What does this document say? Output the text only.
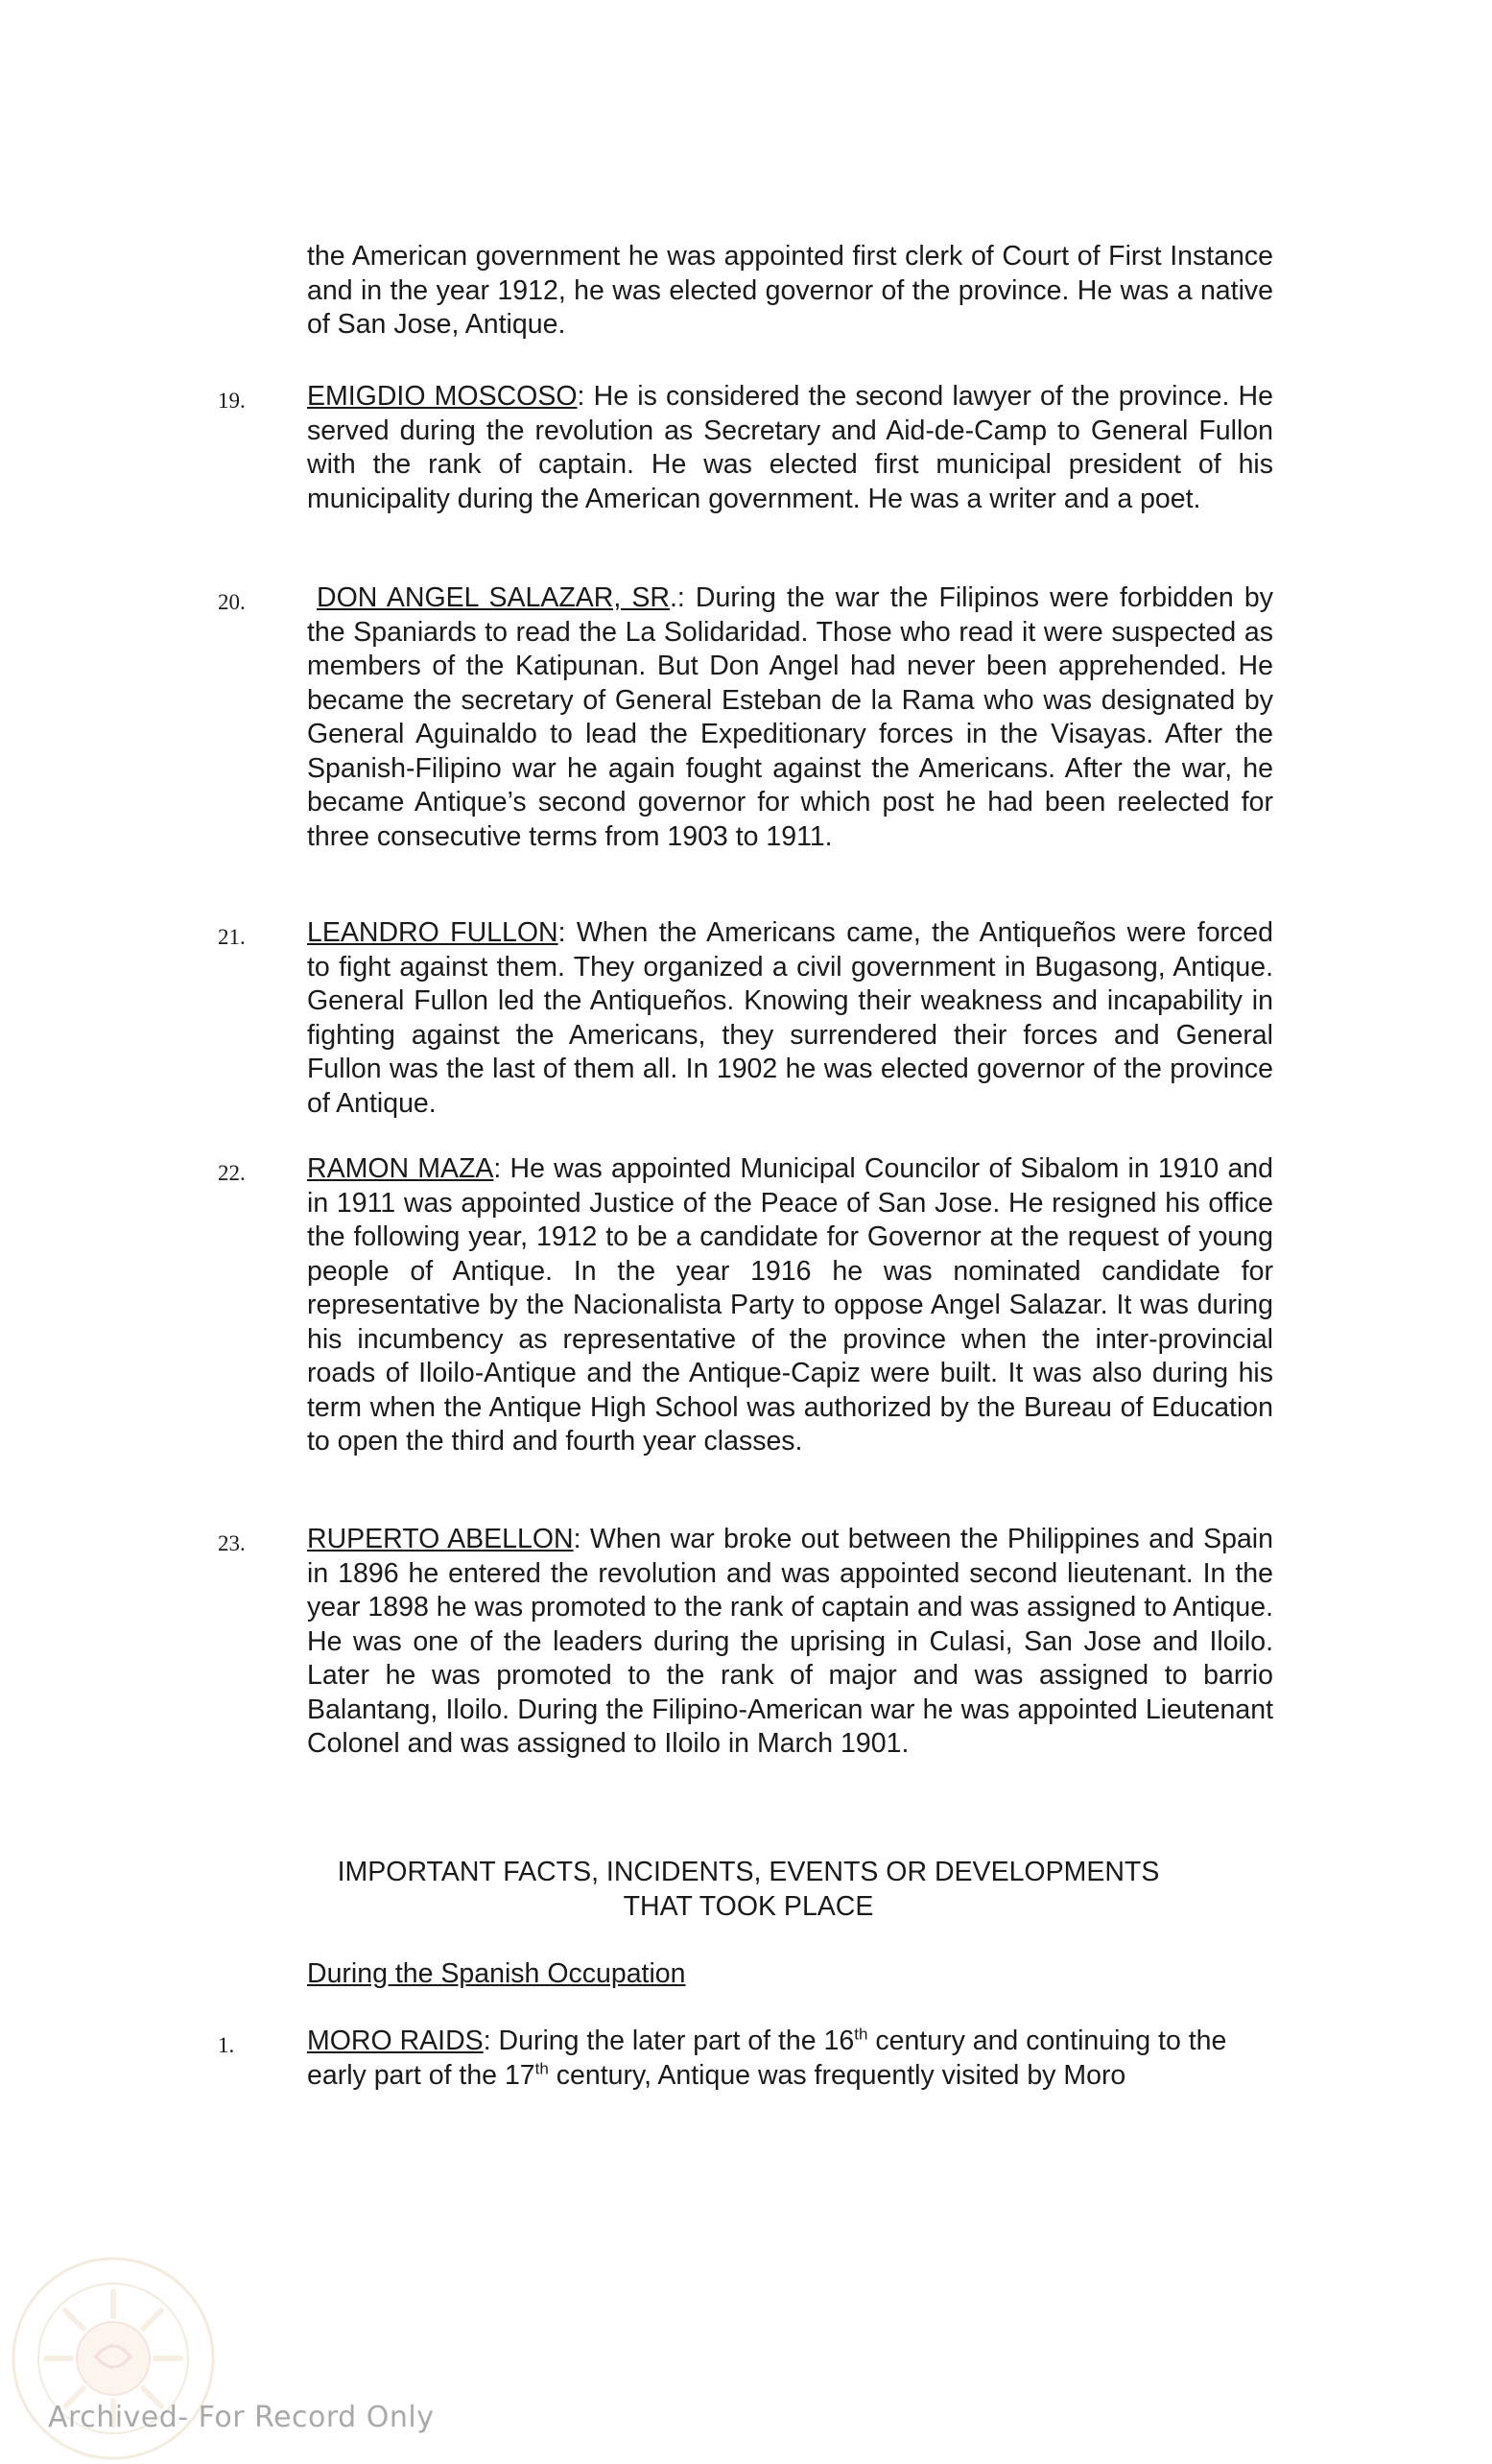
the American government he was appointed first clerk of Court of First Instance and in the year 1912, he was elected governor of the province. He was a native of San Jose, Antique.

19. EMIGDIO MOSCOSO: He is considered the second lawyer of the province. He served during the revolution as Secretary and Aid-de-Camp to General Fullon with the rank of captain. He was elected first municipal president of his municipality during the American government. He was a writer and a poet.

20.	DON ANGEL SALAZAR, SR.: During the war the Filipinos were forbidden by the Spaniards to read the La Solidaridad. Those who read it were suspected as members of the Katipunan. But Don Angel had never been apprehended. He became the secretary of General Esteban de la Rama who was designated by General Aguinaldo to lead the Expeditionary forces in the Visayas. After the Spanish-Filipino war he again fought against the Americans. After the war, he became Antique’s second governor for which post he had been reelected for three consecutive terms from 1903 to 1911.

21. LEANDRO FULLON: When the Americans came, the Antiqueños were forced to fight against them. They organized a civil government in Bugasong, Antique. General Fullon led the Antiqueños. Knowing their weakness and incapability in fighting against the Americans, they surrendered their forces and General Fullon was the last of them all. In 1902 he was elected governor of the province of Antique.

22. RAMON MAZA: He was appointed Municipal Councilor of Sibalom in 1910 and in 1911 was appointed Justice of the Peace of San Jose. He resigned his office the following year, 1912 to be a candidate for Governor at the request of young people of Antique. In the year 1916 he was nominated candidate for representative by the Nacionalista Party to oppose Angel Salazar. It was during his incumbency as representative of the province when the inter-provincial roads of Iloilo-Antique and the Antique-Capiz were built. It was also during his term when the Antique High School was authorized by the Bureau of Education to open the third and fourth year classes.

23. RUPERTO ABELLON: When war broke out between the Philippines and Spain in 1896 he entered the revolution and was appointed second lieutenant. In the year 1898 he was promoted to the rank of captain and was assigned to Antique. He was one of the leaders during the uprising in Culasi, San Jose and Iloilo. Later he was promoted to the rank of major and was assigned to barrio Balantang, Iloilo. During the Filipino-American war he was appointed Lieutenant Colonel and was assigned to Iloilo in March 1901.

IMPORTANT FACTS, INCIDENTS, EVENTS OR DEVELOPMENTS
THAT TOOK PLACE
During the Spanish Occupation
1.	MORO RAIDS: During the later part of the 16th century and continuing to the early part of the 17th century, Antique was frequently visited by Moro

Archived- For Record Only
